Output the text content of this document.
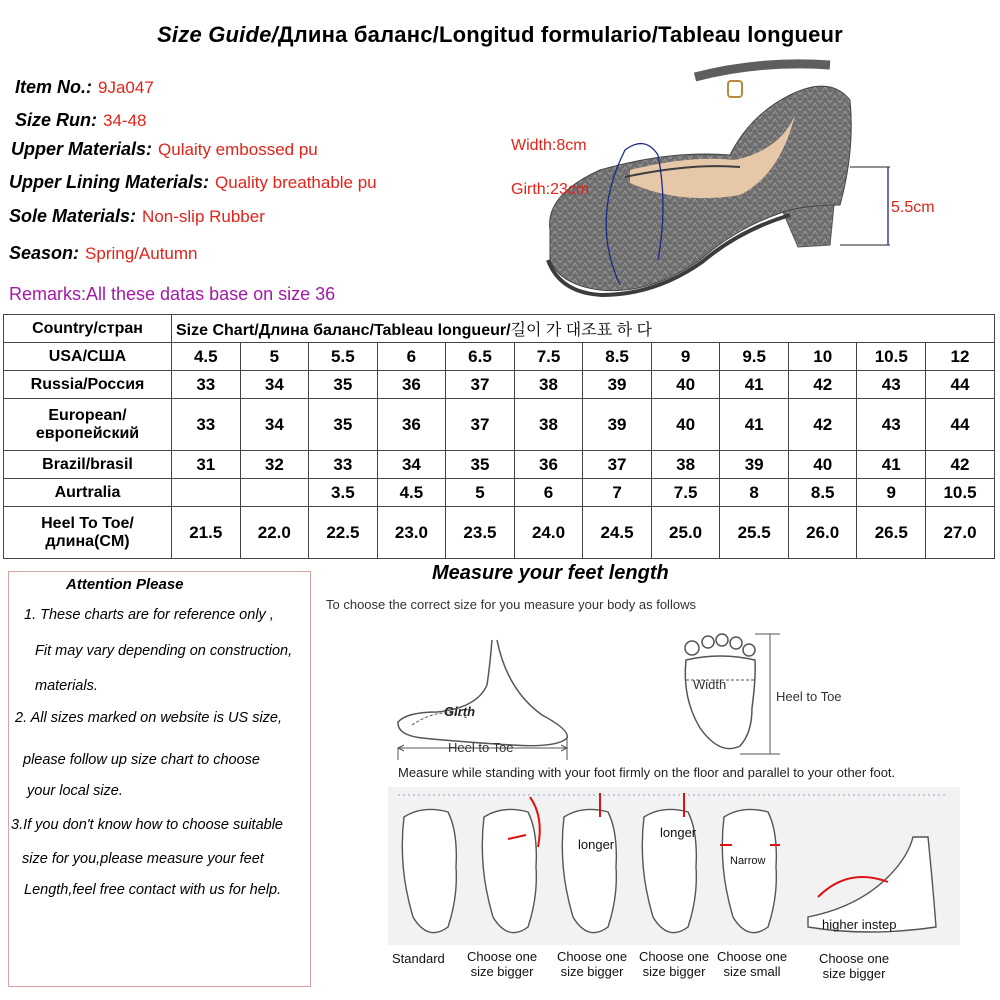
Size Guide/Длина баланс/Longitud formulario/Tableau longueur
Item No.: 9Ja047
Size Run: 34-48
Upper Materials: Qulaity embossed pu
Upper Lining Materials: Quality breathable pu
Sole Materials: Non-slip Rubber
Season: Spring/Autumn
Remarks:All these datas base on size 36
Width:8cm
Girth:23cm
5.5cm
Country/стран	Size Chart/Длина баланс/Tableau longueur/길이 가 대조표 하 다											
USA/США	4.5	5	5.5	6	6.5	7.5	8.5	9	9.5	10	10.5	12
Russia/Россия	33	34	35	36	37	38	39	40	41	42	43	44
European/европейский	33	34	35	36	37	38	39	40	41	42	43	44
Brazil/brasil	31	32	33	34	35	36	37	38	39	40	41	42
Aurtralia			3.5	4.5	5	6	7	7.5	8	8.5	9	10.5
Heel To Toe/длина(CM)	21.5	22.0	22.5	23.0	23.5	24.0	24.5	25.0	25.5	26.0	26.5	27.0
Attention Please
1. These charts are for reference only ,
Fit may vary depending on construction,
materials.
2. All sizes marked on website is US size,
please follow up size chart to choose
your local size.
3.If you don't know how to choose suitable
size for you,please measure your feet
Length,feel free contact with us for help.
Measure your feet length
To choose the correct size for you measure your body as follows
Girth
Heel to Toe
Width
Heel to Toe
Measure while standing with your foot firmly on the floor and parallel to your other foot.
longer
longer
Narrow
higher instep
Standard Choose one size bigger
Choose one size bigger
Choose one size bigger
Choose one size small
Choose one size bigger
